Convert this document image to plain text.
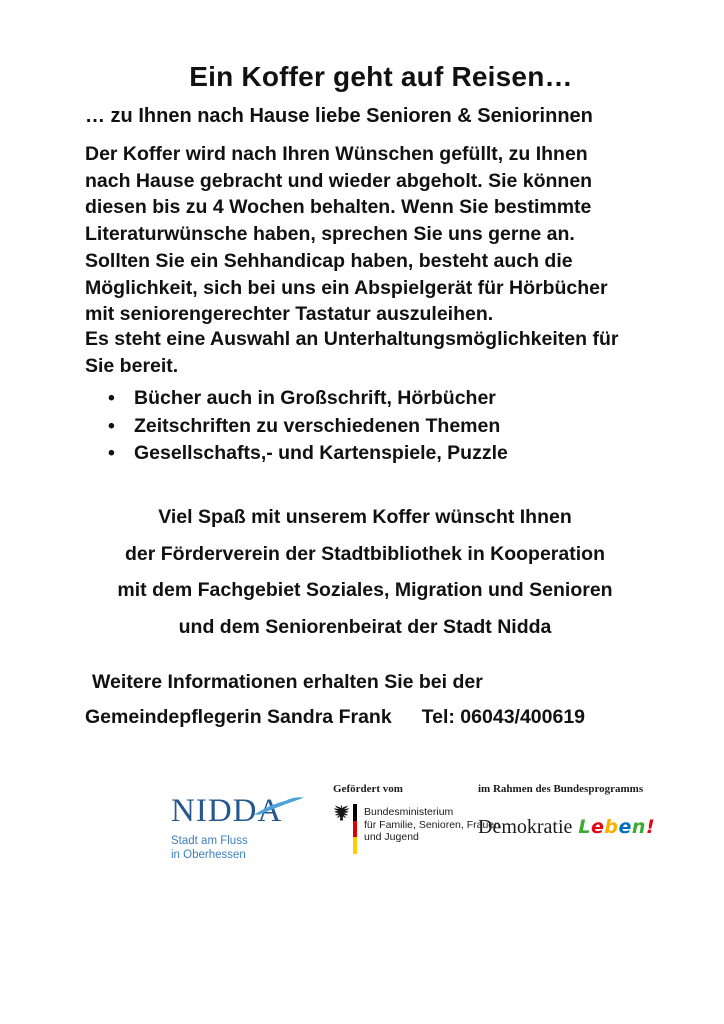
Ein Koffer geht auf Reisen…
… zu Ihnen nach Hause liebe Senioren & Seniorinnen
Der Koffer wird nach Ihren Wünschen gefüllt, zu Ihnen
nach Hause gebracht und wieder abgeholt. Sie können
diesen bis zu 4 Wochen behalten. Wenn Sie bestimmte
Literaturwünsche haben, sprechen Sie uns gerne an.
Sollten Sie ein Sehhandicap haben, besteht auch die
Möglichkeit, sich bei uns ein Abspielgerät für Hörbücher
mit seniorengerechter Tastatur auszuleihen.
Es steht eine Auswahl an Unterhaltungsmöglichkeiten für
Sie bereit.
• Bücher auch in Großschrift, Hörbücher
• Zeitschriften zu verschiedenen Themen
• Gesellschafts,- und Kartenspiele, Puzzle
Viel Spaß mit unserem Koffer wünscht Ihnen
der Förderverein der Stadtbibliothek in Kooperation
mit dem Fachgebiet Soziales, Migration und Senioren
und dem Seniorenbeirat der Stadt Nidda
Weitere Informationen erhalten Sie bei der
Gemeindepflegerin Sandra Frank Tel: 06043/400619
NIDDA
Stadt am Fluss
in Oberhessen
Gefördert vom
Bundesministerium
für Familie, Senioren, Frauen
und Jugend
im Rahmen des Bundesprogramms
Demokratie Leben!
